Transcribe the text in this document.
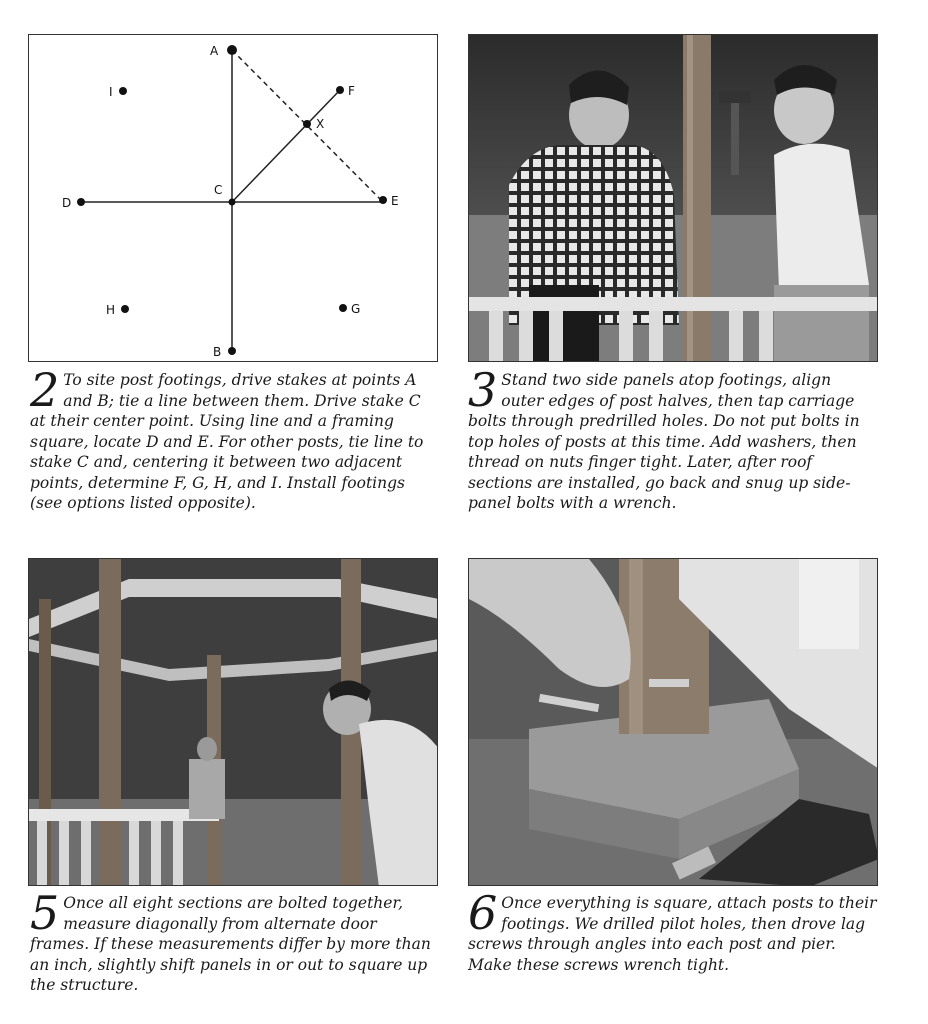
A
B
C
D	E
F
G
H
I
X
2 To site post footings, drive stakes at points A and B; tie a line between them. Drive stake C at their center point. Using line and a framing square, locate D and E. For other posts, tie line to stake C and, centering it between two adjacent points, determine F, G, H, and I. Install footings (see options listed opposite).
3 Stand two side panels atop footings, align outer edges of post halves, then tap carriage bolts through predrilled holes. Do not put bolts in top holes of posts at this time. Add washers, then thread on nuts finger tight. Later, after roof sections are installed, go back and snug up side-panel bolts with a wrench.
5 Once all eight sections are bolted together, measure diagonally from alternate door frames. If these measurements differ by more than an inch, slightly shift panels in or out to square up the structure.
6 Once everything is square, attach posts to their footings. We drilled pilot holes, then drove lag screws through angles into each post and pier. Make these screws wrench tight.
